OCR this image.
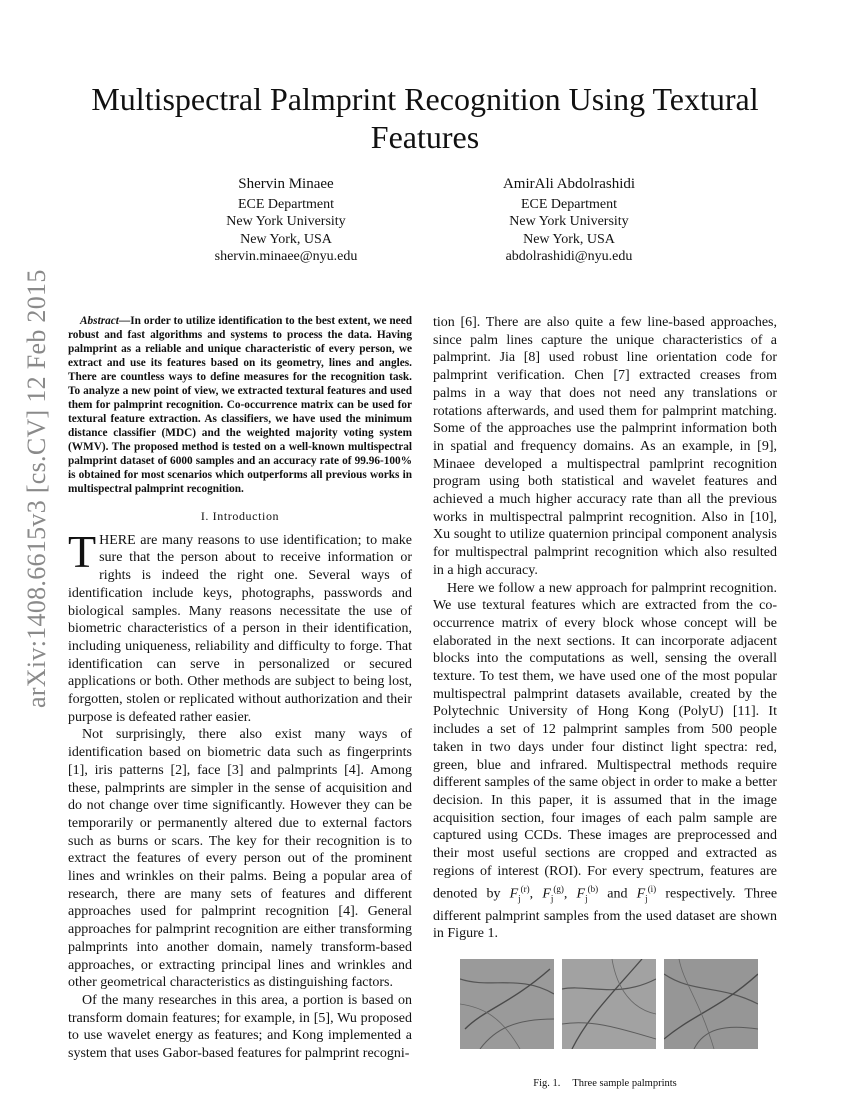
arXiv:1408.6615v3 [cs.CV] 12 Feb 2015
Multispectral Palmprint Recognition Using Textural Features
Shervin Minaee
ECE Department
New York University
New York, USA
shervin.minaee@nyu.edu
AmirAli Abdolrashidi
ECE Department
New York University
New York, USA
abdolrashidi@nyu.edu

Abstract—In order to utilize identification to the best extent, we need robust and fast algorithms and systems to process the data. Having palmprint as a reliable and unique characteristic of every person, we extract and use its features based on its geometry, lines and angles. There are countless ways to define measures for the recognition task. To analyze a new point of view, we extracted textural features and used them for palmprint recognition. Co-occurrence matrix can be used for textural feature extraction. As classifiers, we have used the minimum distance classifier (MDC) and the weighted majority voting system (WMV). The proposed method is tested on a well-known multispectral palmprint dataset of 6000 samples and an accuracy rate of 99.96-100% is obtained for most scenarios which outperforms all previous works in multispectral palmprint recognition.

I. Introduction

THERE are many reasons to use identification; to make sure that the person about to receive information or rights is indeed the right one. Several ways of identification include keys, photographs, passwords and biological samples. Many reasons necessitate the use of biometric characteristics of a person in their identification, including uniqueness, reliability and difficulty to forge. That identification can serve in personalized or secured applications or both. Other methods are subject to being lost, forgotten, stolen or replicated without authorization and their purpose is defeated rather easier.

Not surprisingly, there also exist many ways of identification based on biometric data such as fingerprints [1], iris patterns [2], face [3] and palmprints [4]. Among these, palmprints are simpler in the sense of acquisition and do not change over time significantly. However they can be temporarily or permanently altered due to external factors such as burns or scars. The key for their recognition is to extract the features of every person out of the prominent lines and wrinkles on their palms. Being a popular area of research, there are many sets of features and different approaches used for palmprint recognition [4]. General approaches for palmprint recognition are either transforming palmprints into another domain, namely transform-based approaches, or extracting principal lines and wrinkles and other geometrical characteristics as distinguishing factors.

Of the many researches in this area, a portion is based on transform domain features; for example, in [5], Wu proposed to use wavelet energy as features; and Kong implemented a system that uses Gabor-based features for palmprint recogni-

tion [6]. There are also quite a few line-based approaches, since palm lines capture the unique characteristics of a palmprint. Jia [8] used robust line orientation code for palmprint verification. Chen [7] extracted creases from palms in a way that does not need any translations or rotations afterwards, and used them for palmprint matching. Some of the approaches use the palmprint information both in spatial and frequency domains. As an example, in [9], Minaee developed a multispectral pamlprint recognition program using both statistical and wavelet features and achieved a much higher accuracy rate than all the previous works in multispectral palmprint recognition. Also in [10], Xu sought to utilize quaternion principal component analysis for multispectral palmprint recognition which also resulted in a high accuracy.

Here we follow a new approach for palmprint recognition. We use textural features which are extracted from the co-occurrence matrix of every block whose concept will be elaborated in the next sections. It can incorporate adjacent blocks into the computations as well, sensing the overall texture. To test them, we have used one of the most popular multispectral palmprint datasets available, created by the Polytechnic University of Hong Kong (PolyU) [11]. It includes a set of 12 palmprint samples from 500 people taken in two days under four distinct light spectra: red, green, blue and infrared. Multispectral methods require different samples of the same object in order to make a better decision. In this paper, it is assumed that in the image acquisition section, four images of each palm sample are captured using CCDs. These images are preprocessed and their most useful sections are cropped and extracted as regions of interest (ROI). For every spectrum, features are denoted by $F_j^{(r)}$, $F_j^{(g)}$, $F_j^{(b)}$ and $F_j^{(i)}$ respectively. Three different palmprint samples from the used dataset are shown in Figure 1.

Fig. 1. Three sample palmprints
